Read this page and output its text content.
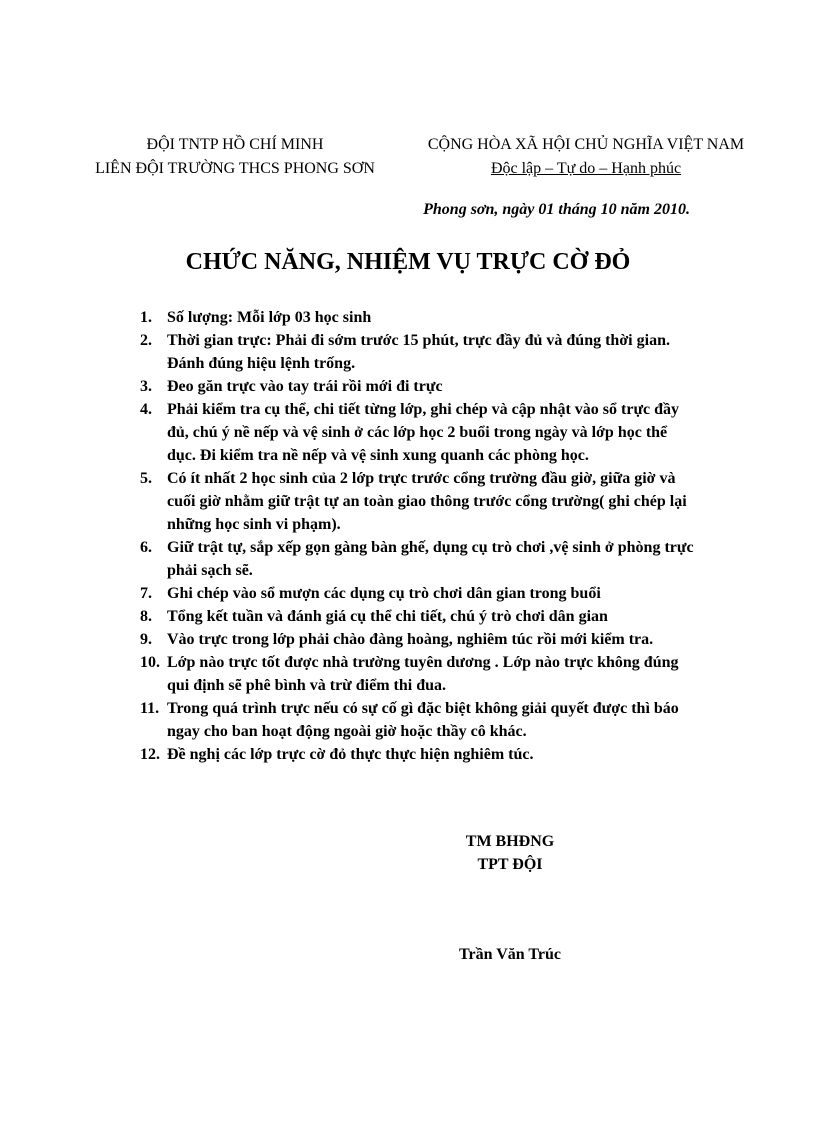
ĐỘI TNTP HỒ CHÍ MINH
LIÊN ĐỘI TRƯỜNG THCS PHONG SƠN
CỘNG HÒA XÃ HỘI CHỦ NGHĨA VIỆT NAM
Độc lập – Tự do – Hạnh phúc
Phong sơn, ngày 01 tháng 10 năm 2010.
CHỨC NĂNG, NHIỆM VỤ TRỰC CỜ ĐỎ
1. Số lượng: Mỗi lớp 03 học sinh
2. Thời gian trực: Phải đi sớm trước 15 phút, trực đầy đủ và đúng thời gian. Đánh đúng hiệu lệnh trống.
3. Đeo găn trực vào tay trái rồi mới đi trực
4. Phải kiểm tra cụ thể, chi tiết từng lớp, ghi chép và cập nhật vào sổ trực đầy đủ, chú ý nề nếp và vệ sinh ở các lớp học 2 buổi trong ngày và lớp học thể dục. Đi kiểm tra nề nếp và vệ sinh xung quanh các phòng học.
5. Có ít nhất 2 học sinh của 2 lớp trực trước cổng trường đầu giờ, giữa giờ và cuối giờ nhằm giữ trật tự an toàn giao thông trước cổng trường( ghi chép lại những học sinh vi phạm).
6. Giữ trật tự, sắp xếp gọn gàng bàn ghế, dụng cụ trò chơi ,vệ sinh ở phòng trực phải sạch sẽ.
7. Ghi chép vào sổ mượn các dụng cụ trò chơi dân gian trong buổi
8. Tổng kết tuần và đánh giá cụ thể chi tiết, chú ý trò chơi dân gian
9. Vào trực trong lớp phải chào đàng hoàng, nghiêm túc rồi mới kiểm tra.
10. Lớp nào trực tốt được nhà trường tuyên dương . Lớp nào trực không đúng qui định sẽ phê bình và trừ điểm thi đua.
11. Trong quá trình trực nếu có sự cố gì đặc biệt không giải quyết được thì báo ngay cho ban hoạt động ngoài giờ hoặc thầy cô khác.
12. Đề nghị các lớp trực cờ đỏ thực thực hiện nghiêm túc.
TM BHĐNG
TPT ĐỘI
Trần Văn Trúc
